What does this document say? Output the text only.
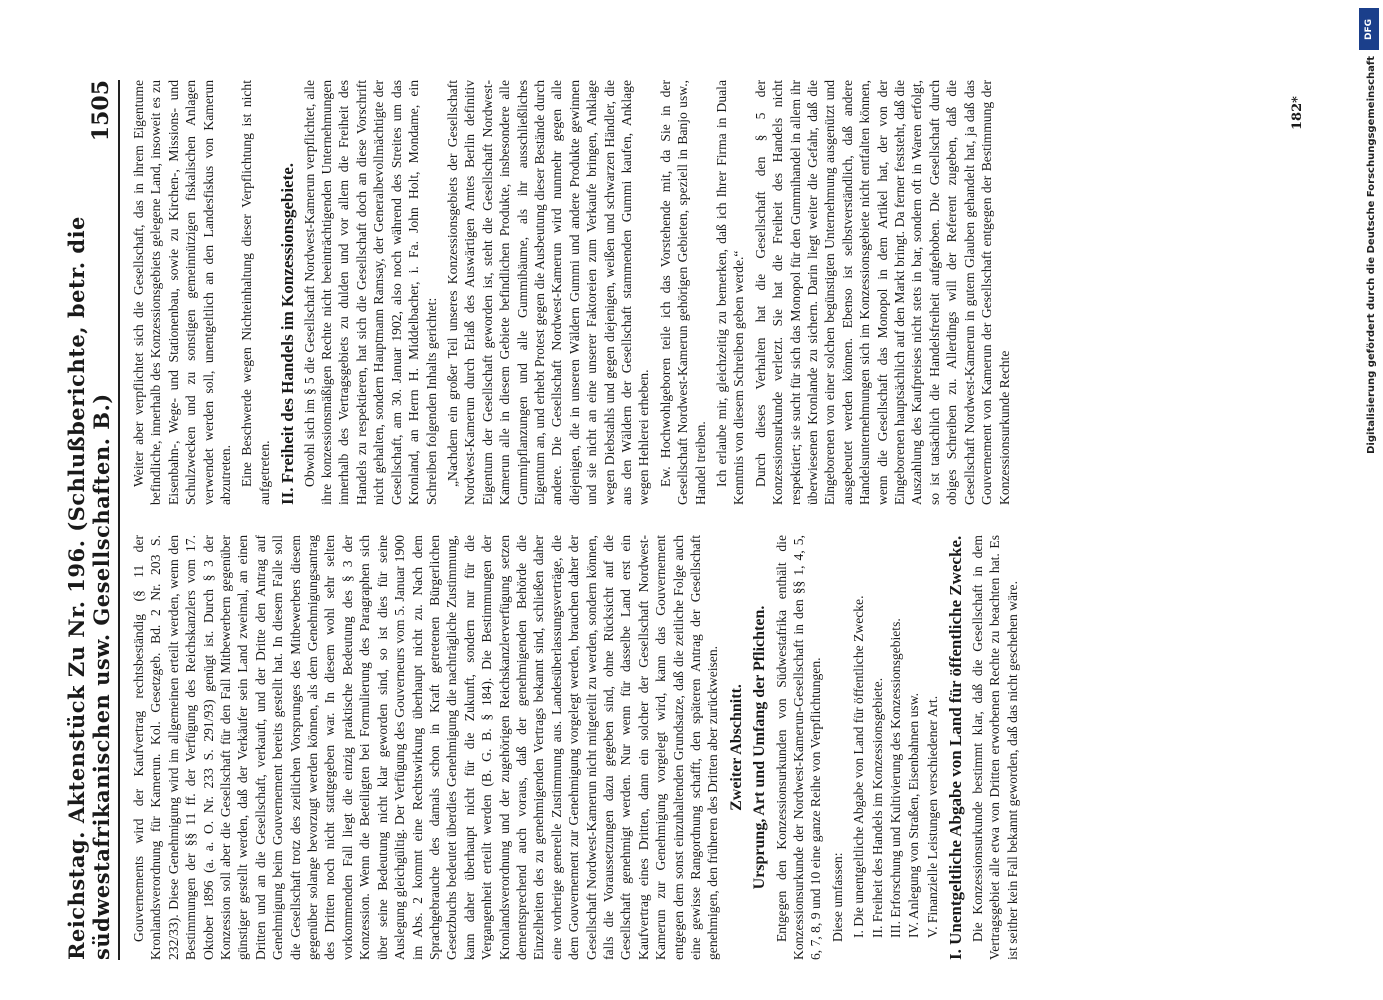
Reichstag. Aktenstück Zu Nr. 196. (Schlußberichte, betr. die südwestafrikanischen usw. Gesellschaften. B.)
1505

Gouvernements wird der Kaufvertrag rechtsbeständig (§ 11 der Kronlandsverordnung für Kamerun. Kol. Gesetzgeb. Bd. 2 Nr. 203 S. 232/33). Diese Genehmigung wird im allgemeinen erteilt werden, wenn den Bestimmungen der §§ 11 ff. der Verfügung des Reichskanzlers vom 17. Oktober 1896 (a. a. O. Nr. 233 S. 291/93) genügt ist. Durch § 3 der Konzession soll aber die Gesellschaft für den Fall Mitbewerbern gegenüber günstiger gestellt werden, daß der Verkäufer sein Land zweimal, an einen Dritten und an die Gesellschaft, verkauft, und der Dritte den Antrag auf Genehmigung beim Gouvernement bereits gestellt hat. In diesem Falle soll die Gesellschaft trotz des zeitlichen Vorsprunges des Mitbewerbers diesem gegenüber solange bevorzugt werden können, als dem Genehmigungsantrag des Dritten noch nicht stattgegeben war. In diesem wohl sehr selten vorkommenden Fall liegt die einzig praktische Bedeutung des § 3 der Konzession. Wenn die Beteiligten bei Formulierung des Paragraphen sich über seine Bedeutung nicht klar geworden sind, so ist dies für seine Auslegung gleichgültig. Der Verfügung des Gouverneurs vom 5. Januar 1900 im Abs. 2 kommt eine Rechtswirkung überhaupt nicht zu. Nach dem Sprachgebrauche des damals schon in Kraft getretenen Bürgerlichen Gesetzbuchs bedeutet überdies Genehmigung die nachträgliche Zustimmung, kann daher überhaupt nicht für die Zukunft, sondern nur für die Vergangenheit erteilt werden (B. G. B. § 184). Die Bestimmungen der Kronlandsverordnung und der zugehörigen Reichskanzlerverfügung setzen dementsprechend auch voraus, daß der genehmigenden Behörde die Einzelheiten des zu genehmigenden Vertrags bekannt sind, schließen daher eine vorherige generelle Zustimmung aus. Landesüberlassungsverträge, die dem Gouvernement zur Genehmigung vorgelegt werden, brauchen daher der Gesellschaft Nordwest-Kamerun nicht mitgeteilt zu werden, sondern können, falls die Voraussetzungen dazu gegeben sind, ohne Rücksicht auf die Gesellschaft genehmigt werden. Nur wenn für dasselbe Land erst ein Kaufvertrag eines Dritten, dann ein solcher der Gesellschaft Nordwest-Kamerun zur Genehmigung vorgelegt wird, kann das Gouvernement entgegen dem sonst einzuhaltenden Grundsatze, daß die zeitliche Folge auch eine gewisse Rangordnung schafft, den späteren Antrag der Gesellschaft genehmigen, den früheren des Dritten aber zurückweisen. Zweiter Abschnitt. Ursprung, Art und Umfang der Pflichten. Entgegen den Konzessionsurkunden von Südwestafrika enthält die Konzessionsurkunde der Nordwest-Kamerun-Gesellschaft in den §§ 1, 4, 5, 6, 7, 8, 9 und 10 eine ganze Reihe von Verpflichtungen. Diese umfassen: I. Die unentgeltliche Abgabe von Land für öffentliche Zwecke. II. Freiheit des Handels im Konzessionsgebiete. III. Erforschung und Kultivierung des Konzessionsgebiets. IV. Anlegung von Straßen, Eisenbahnen usw. V. Finanzielle Leistungen verschiedener Art. I. Unentgeltliche Abgabe von Land für öffentliche Zwecke. Die Konzessionsurkunde bestimmt klar, daß die Gesellschaft in dem Vertragsgebiet alle etwa von Dritten erworbenen Rechte zu beachten hat. Es ist seither kein Fall bekannt geworden, daß das nicht geschehen wäre.

Weiter aber verpflichtet sich die Gesellschaft, das in ihrem Eigentume befindliche, innerhalb des Konzessionsgebiets gelegene Land, insoweit es zu Eisenbahn-, Wege- und Stationenbau, sowie zu Kirchen-, Missions- und Schulzwecken und zu sonstigen gemeinnützigen fiskalischen Anlagen verwendet werden soll, unentgeltlich an den Landesfiskus von Kamerun abzutreten. Eine Beschwerde wegen Nichteinhaltung dieser Verpflichtung ist nicht aufgetreten. II. Freiheit des Handels im Konzessionsgebiete. Obwohl sich im § 5 die Gesellschaft Nordwest-Kamerun verpflichtet, alle ihre konzessionsmäßigen Rechte nicht beeinträchtigenden Unternehmungen innerhalb des Vertragsgebiets zu dulden und vor allem die Freiheit des Handels zu respektieren, hat sich die Gesellschaft doch an diese Vorschrift nicht gehalten, sondern Hauptmann Ramsay, der Generalbevollmächtigte der Gesellschaft, am 30. Januar 1902, also noch während des Streites um das Kronland, an Herrn H. Middelbacher, i. Fa. John Holt, Mondame, ein Schreiben folgenden Inhalts gerichtet: „Nachdem ein großer Teil unseres Konzessionsgebiets der Gesellschaft Nordwest-Kamerun durch Erlaß des Auswärtigen Amtes Berlin definitiv Eigentum der Gesellschaft geworden ist, steht die Gesellschaft Nordwest-Kamerun alle in diesem Gebiete befindlichen Produkte, insbesondere alle Gummipflanzungen und alle Gummibäume, als ihr ausschließliches Eigentum an, und erhebt Protest gegen die Ausbeutung dieser Bestände durch andere. Die Gesellschaft Nordwest-Kamerun wird nunmehr gegen alle diejenigen, die in unseren Wäldern Gummi und andere Produkte gewinnen und sie nicht an eine unserer Faktoreien zum Verkaufe bringen, Anklage wegen Diebstahls und gegen diejenigen, weißen und schwarzen Händler, die aus den Wäldern der Gesellschaft stammenden Gummi kaufen, Anklage wegen Hehlerei erheben. Ew. Hochwohlgeboren teile ich das Vorstehende mit, da Sie in der Gesellschaft Nordwest-Kamerun gehörigen Gebieten, speziell in Banjo usw., Handel treiben. Ich erlaube mir, gleichzeitig zu bemerken, daß ich Ihrer Firma in Duala Kenntnis von diesem Schreiben geben werde.“ Durch dieses Verhalten hat die Gesellschaft den § 5 der Konzessionsurkunde verletzt. Sie hat die Freiheit des Handels nicht respektiert; sie sucht für sich das Monopol für den Gummihandel in allem ihr überwiesenen Kronlande zu sichern. Darin liegt weiter die Gefahr, daß die Eingeborenen von einer solchen begünstigten Unternehmung ausgenützt und ausgebeutet werden können. Ebenso ist selbstverständlich, daß andere Handelsunternehmungen sich im Konzessionsgebiete nicht entfalten können, wenn die Gesellschaft das Monopol in dem Artikel hat, der von der Eingeborenen hauptsächlich auf den Markt bringt. Da ferner feststeht, daß die Auszahlung des Kaufpreises nicht stets in bar, sondern oft in Waren erfolgt, so ist tatsächlich die Handelsfreiheit aufgehoben. Die Gesellschaft durch obiges Schreiben zu. Allerdings will der Referent zugeben, daß die Gesellschaft Nordwest-Kamerun in gutem Glauben gehandelt hat, ja daß das Gouvernement von Kamerun der Gesellschaft entgegen der Bestimmung der Konzessionsurkunde Rechte

182*
DFG
Digitalisierung gefördert durch die Deutsche Forschungsgemeinschaft
